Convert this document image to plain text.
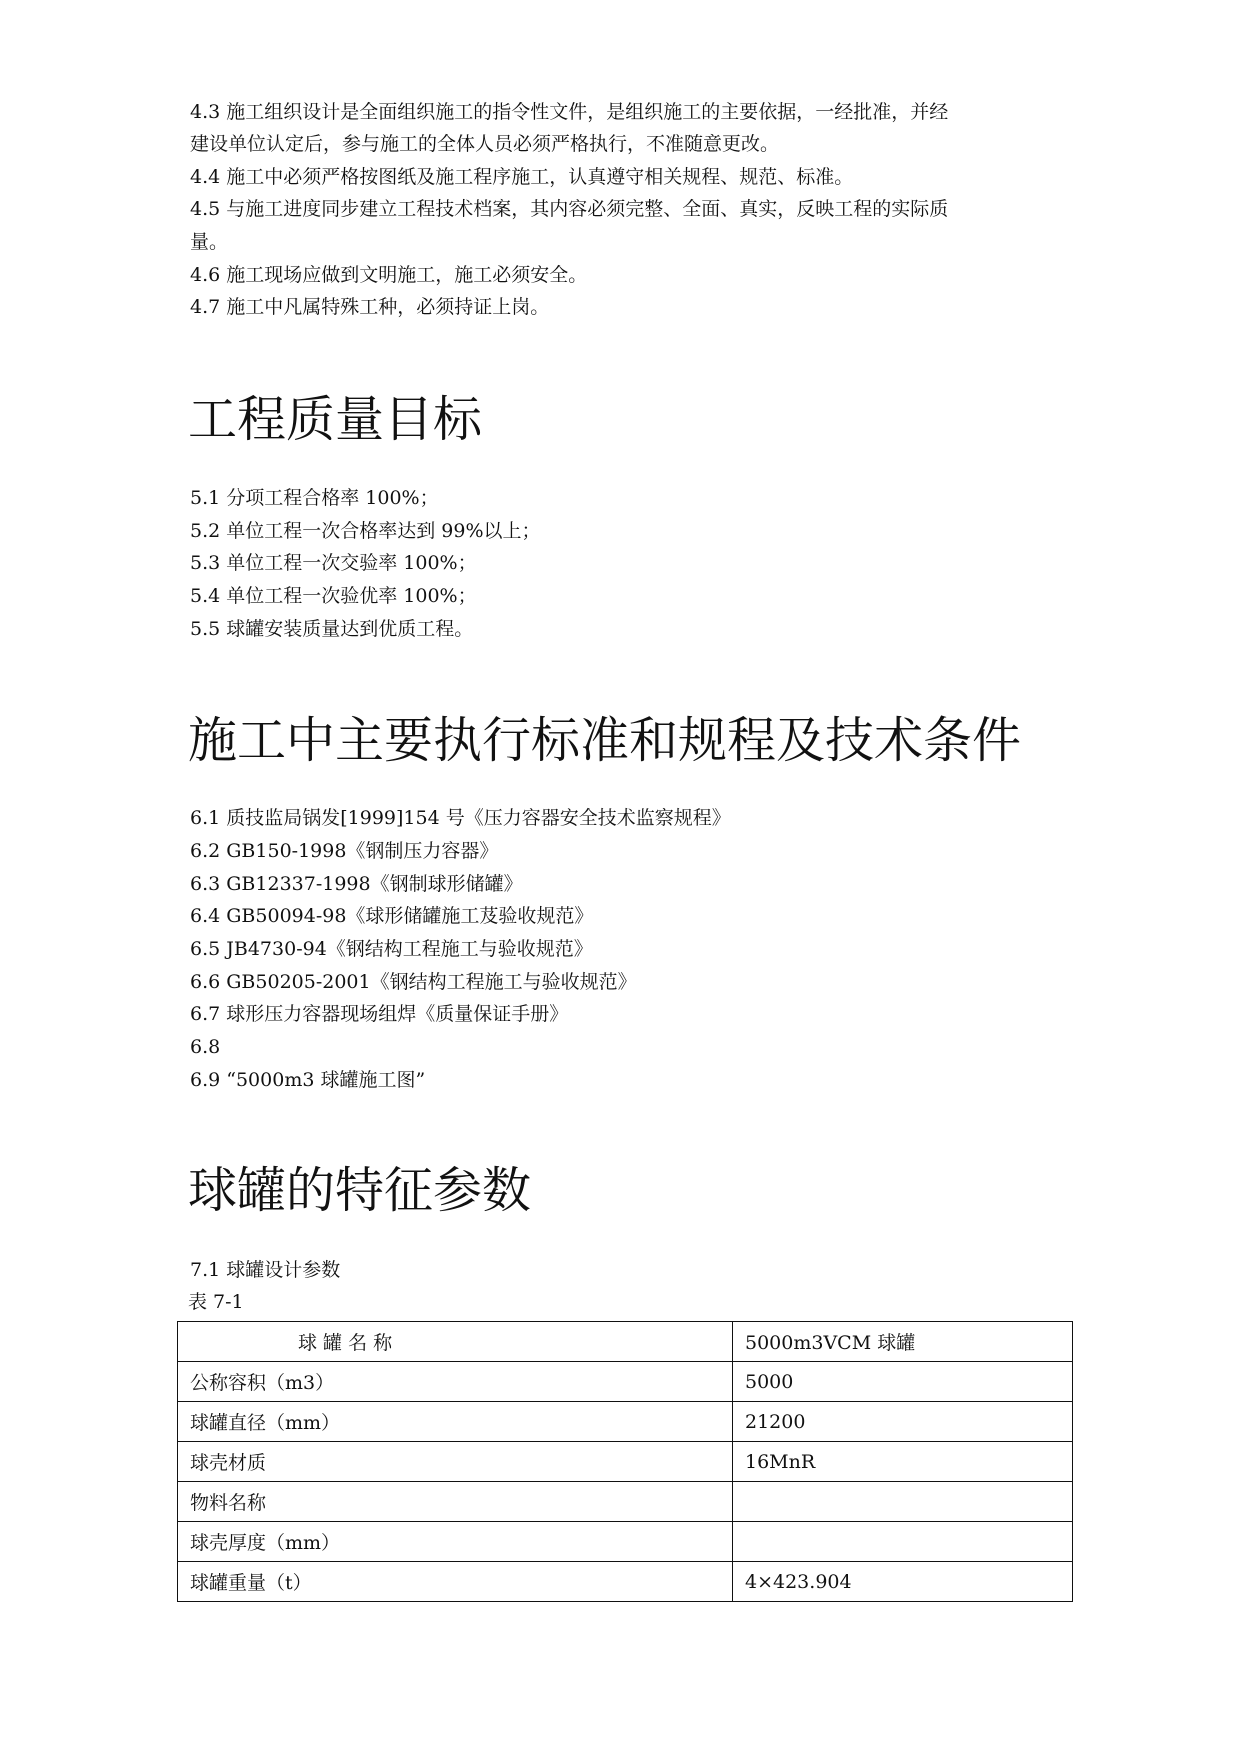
4.3 施工组织设计是全面组织施工的指令性文件，是组织施工的主要依据，一经批准，并经
建设单位认定后，参与施工的全体人员必须严格执行，不准随意更改。
4.4 施工中必须严格按图纸及施工程序施工，认真遵守相关规程、规范、标准。
4.5 与施工进度同步建立工程技术档案，其内容必须完整、全面、真实，反映工程的实际质
量。
4.6 施工现场应做到文明施工，施工必须安全。
4.7 施工中凡属特殊工种，必须持证上岗。
工程质量目标
5.1 分项工程合格率 100%；
5.2 单位工程一次合格率达到 99%以上；
5.3 单位工程一次交验率 100%；
5.4 单位工程一次验优率 100%；
5.5 球罐安装质量达到优质工程。
施工中主要执行标准和规程及技术条件
6.1 质技监局锅发[1999]154 号《压力容器安全技术监察规程》
6.2 GB150-1998《钢制压力容器》
6.3 GB12337-1998《钢制球形储罐》
6.4 GB50094-98《球形储罐施工芨验收规范》
6.5 JB4730-94《钢结构工程施工与验收规范》
6.6 GB50205-2001《钢结构工程施工与验收规范》
6.7 球形压力容器现场组焊《质量保证手册》
6.8
6.9 “5000m3 球罐施工图”
球罐的特征参数
7.1 球罐设计参数
表 7-1
球 罐 名 称	5000m3VCM 球罐
公称容积（m3）	5000
球罐直径（mm）	21200
球壳材质	16MnR
物料名称	
球壳厚度（mm）	
球罐重量（t）	4×423.904
